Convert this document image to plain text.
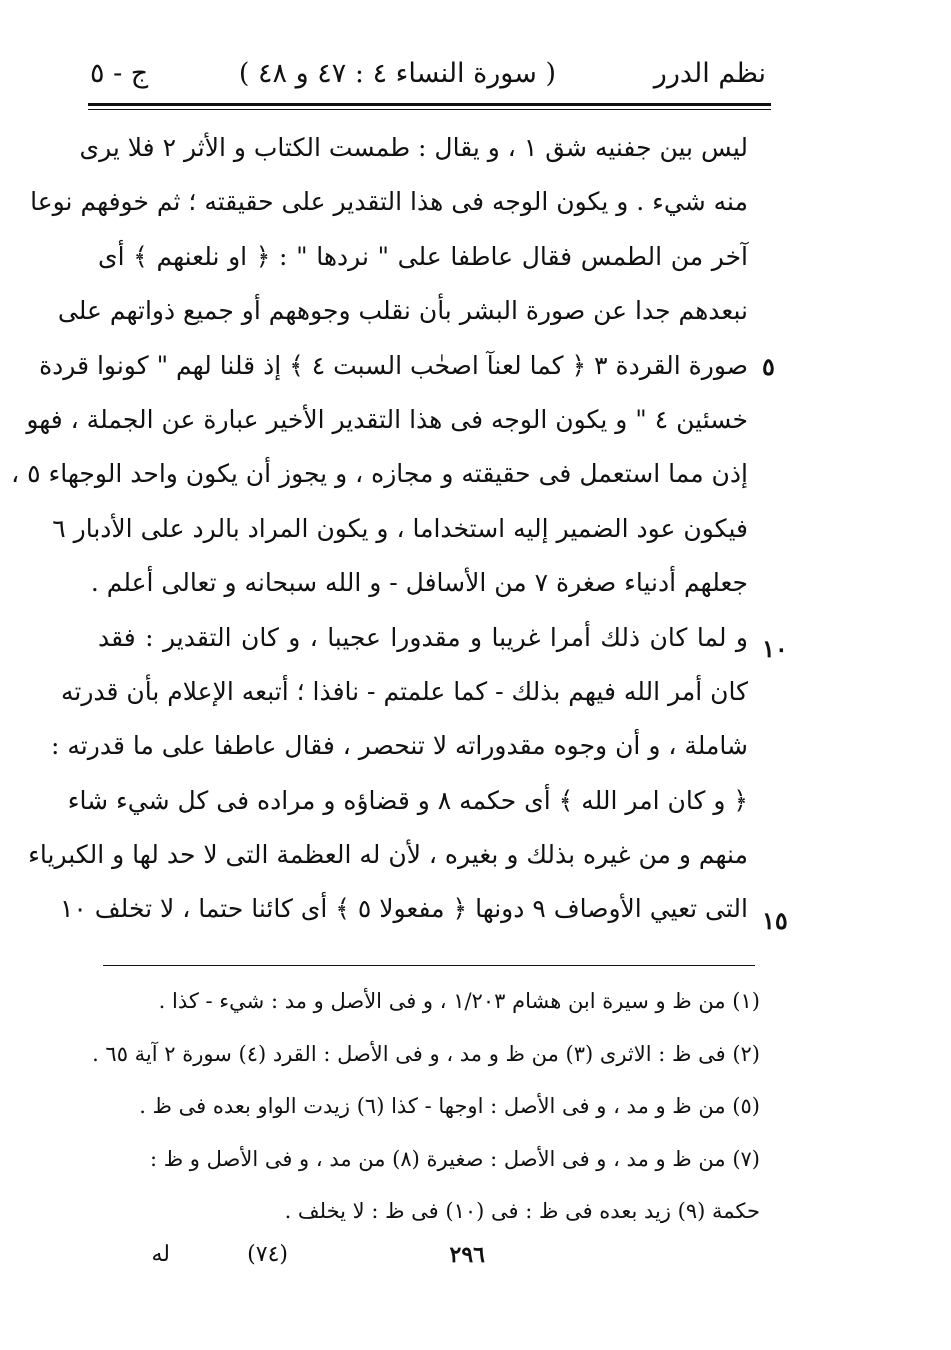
نظم الدرر
( سورة النساء ٤ : ٤٧ و ٤٨ )
ج - ٥
ليس بين جفنيه شق ١ ، و يقال : طمست الكتاب و الأثر ٢ فلا يرى
منه شيء . و يكون الوجه فى هذا التقدير على حقيقته ؛ ثم خوفهم نوعا
آخر من الطمس فقال عاطفا على " نردها " : ﴿ او نلعنهم ﴾ أى
نبعدهم جدا عن صورة البشر بأن نقلب وجوههم أو جميع ذواتهم على
صورة القردة ٣ ﴿ كما لعنآ اصحٰب السبت ٤ ﴾ إذ قلنا لهم " كونوا قردة
خسئين ٤ " و يكون الوجه فى هذا التقدير الأخير عبارة عن الجملة ، فهو
إذن مما استعمل فى حقيقته و مجازه ، و يجوز أن يكون واحد الوجهاء ٥ ،
فيكون عود الضمير إليه استخداما ، و يكون المراد بالرد على الأدبار ٦
جعلهم أدنياء صغرة ٧ من الأسافل - و الله سبحانه و تعالى أعلم .
و لما كان ذلك أمرا غريبا و مقدورا عجيبا ، و كان التقدير : فقد
كان أمر الله فيهم بذلك - كما علمتم - نافذا ؛ أتبعه الإعلام بأن قدرته
شاملة ، و أن وجوه مقدوراته لا تنحصر ، فقال عاطفا على ما قدرته :
﴿ و كان امر الله ﴾ أى حكمه ٨ و قضاؤه و مراده فى كل شيء شاء
منهم و من غيره بذلك و بغيره ، لأن له العظمة التى لا حد لها و الكبرياء
التى تعيي الأوصاف ٩ دونها ﴿ مفعولا ٥ ﴾ أى كائنا حتما ، لا تخلف ١٠
٥
١٠
١٥
(١) من ظ و سيرة ابن هشام ١/٢٠٣ ، و فى الأصل و مد : شيء - كذا .
(٢) فى ظ : الاثرى (٣) من ظ و مد ، و فى الأصل : القرد (٤) سورة ٢ آية ٦٥ .
(٥) من ظ و مد ، و فى الأصل : اوجها - كذا (٦) زيدت الواو بعده فى ظ .
(٧) من ظ و مد ، و فى الأصل : صغيرة (٨) من مد ، و فى الأصل و ظ :
حكمة (٩) زيد بعده فى ظ : فى (١٠) فى ظ : لا يخلف .
له	(٧٤)	٢٩٦
